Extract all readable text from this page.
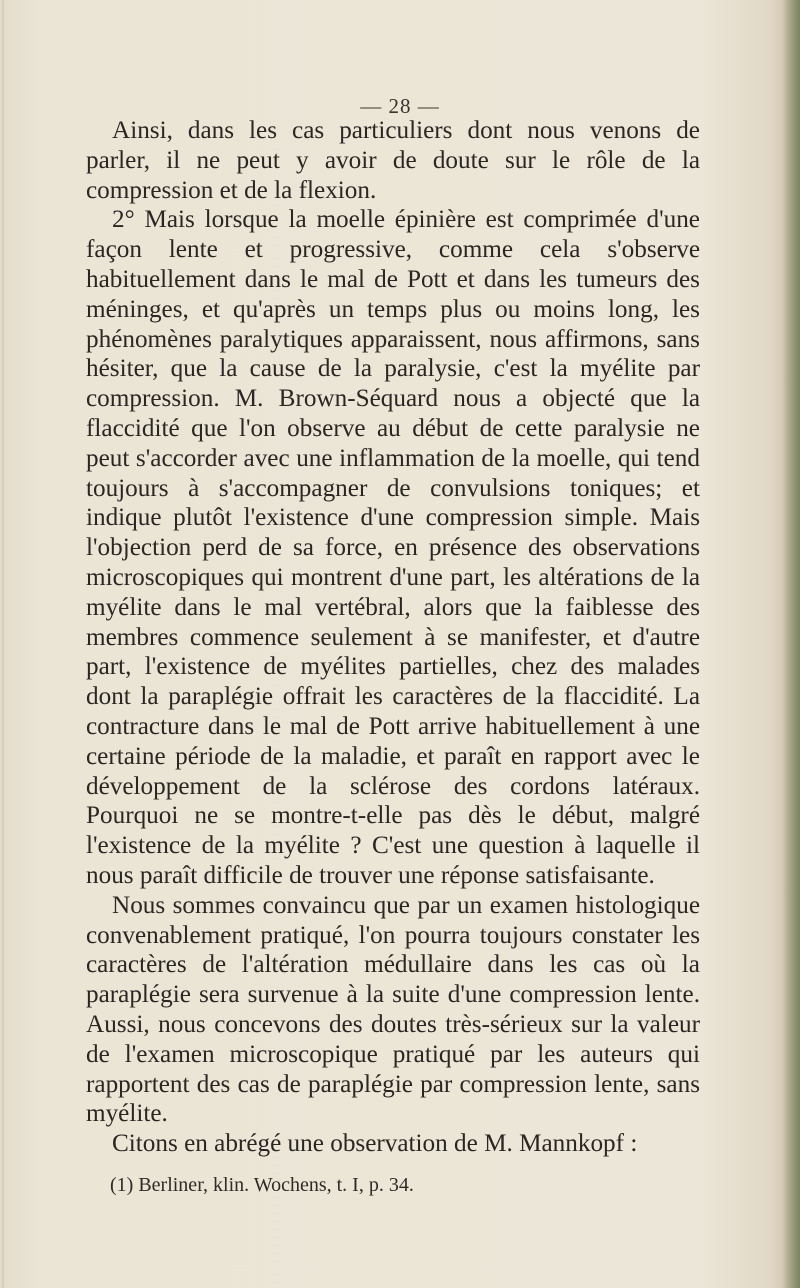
— 28 —

Ainsi, dans les cas particuliers dont nous venons de parler, il ne peut y avoir de doute sur le rôle de la compression et de la flexion.

2° Mais lorsque la moelle épinière est comprimée d'une façon lente et progressive, comme cela s'observe habituellement dans le mal de Pott et dans les tumeurs des méninges, et qu'après un temps plus ou moins long, les phénomènes paralytiques apparaissent, nous affirmons, sans hésiter, que la cause de la paralysie, c'est la myélite par compression. M. Brown-Séquard nous a objecté que la flaccidité que l'on observe au début de cette paralysie ne peut s'accorder avec une inflammation de la moelle, qui tend toujours à s'accompagner de convulsions toniques; et indique plutôt l'existence d'une compression simple. Mais l'objection perd de sa force, en présence des observations microscopiques qui montrent d'une part, les altérations de la myélite dans le mal vertébral, alors que la faiblesse des membres commence seulement à se manifester, et d'autre part, l'existence de myélites partielles, chez des malades dont la paraplégie offrait les caractères de la flaccidité. La contracture dans le mal de Pott arrive habituellement à une certaine période de la maladie, et paraît en rapport avec le développement de la sclérose des cordons latéraux. Pourquoi ne se montre-t-elle pas dès le début, malgré l'existence de la myélite ? C'est une question à laquelle il nous paraît difficile de trouver une réponse satisfaisante.

Nous sommes convaincu que par un examen histologique convenablement pratiqué, l'on pourra toujours constater les caractères de l'altération médullaire dans les cas où la paraplégie sera survenue à la suite d'une compression lente. Aussi, nous concevons des doutes très-sérieux sur la valeur de l'examen microscopique pratiqué par les auteurs qui rapportent des cas de paraplégie par compression lente, sans myélite.

Citons en abrégé une observation de M. Mannkopf :

(1) Berliner, klin. Wochens, t. I, p. 34.
